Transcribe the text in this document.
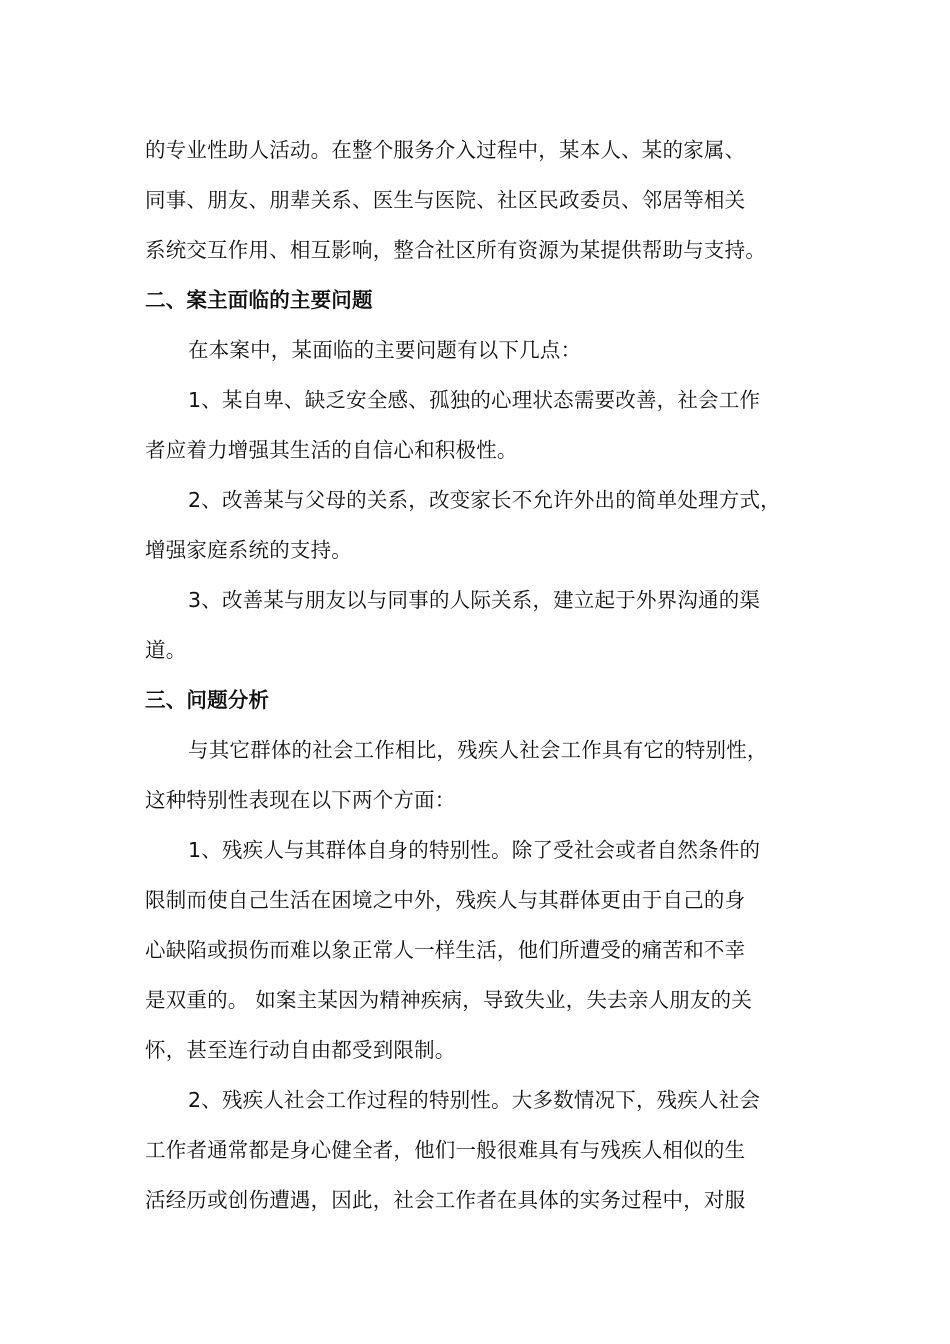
的专业性助人活动。在整个服务介入过程中，某本人、某的家属、
同事、朋友、朋辈关系、医生与医院、社区民政委员、邻居等相关
系统交互作用、相互影响，整合社区所有资源为某提供帮助与支持。
二、案主面临的主要问题
在本案中，某面临的主要问题有以下几点：
1、某自卑、缺乏安全感、孤独的心理状态需要改善，社会工作
者应着力增强其生活的自信心和积极性。
2、改善某与父母的关系，改变家长不允许外出的简单处理方式，
增强家庭系统的支持。
3、改善某与朋友以与同事的人际关系，建立起于外界沟通的渠
道。
三、问题分析
与其它群体的社会工作相比，残疾人社会工作具有它的特别性，
这种特别性表现在以下两个方面：
1、残疾人与其群体自身的特别性。除了受社会或者自然条件的
限制而使自己生活在困境之中外，残疾人与其群体更由于自己的身
心缺陷或损伤而难以象正常人一样生活，他们所遭受的痛苦和不幸
是双重的。 如案主某因为精神疾病，导致失业，失去亲人朋友的关
怀，甚至连行动自由都受到限制。
2、残疾人社会工作过程的特别性。大多数情况下，残疾人社会
工作者通常都是身心健全者，他们一般很难具有与残疾人相似的生
活经历或创伤遭遇，因此，社会工作者在具体的实务过程中，对服
